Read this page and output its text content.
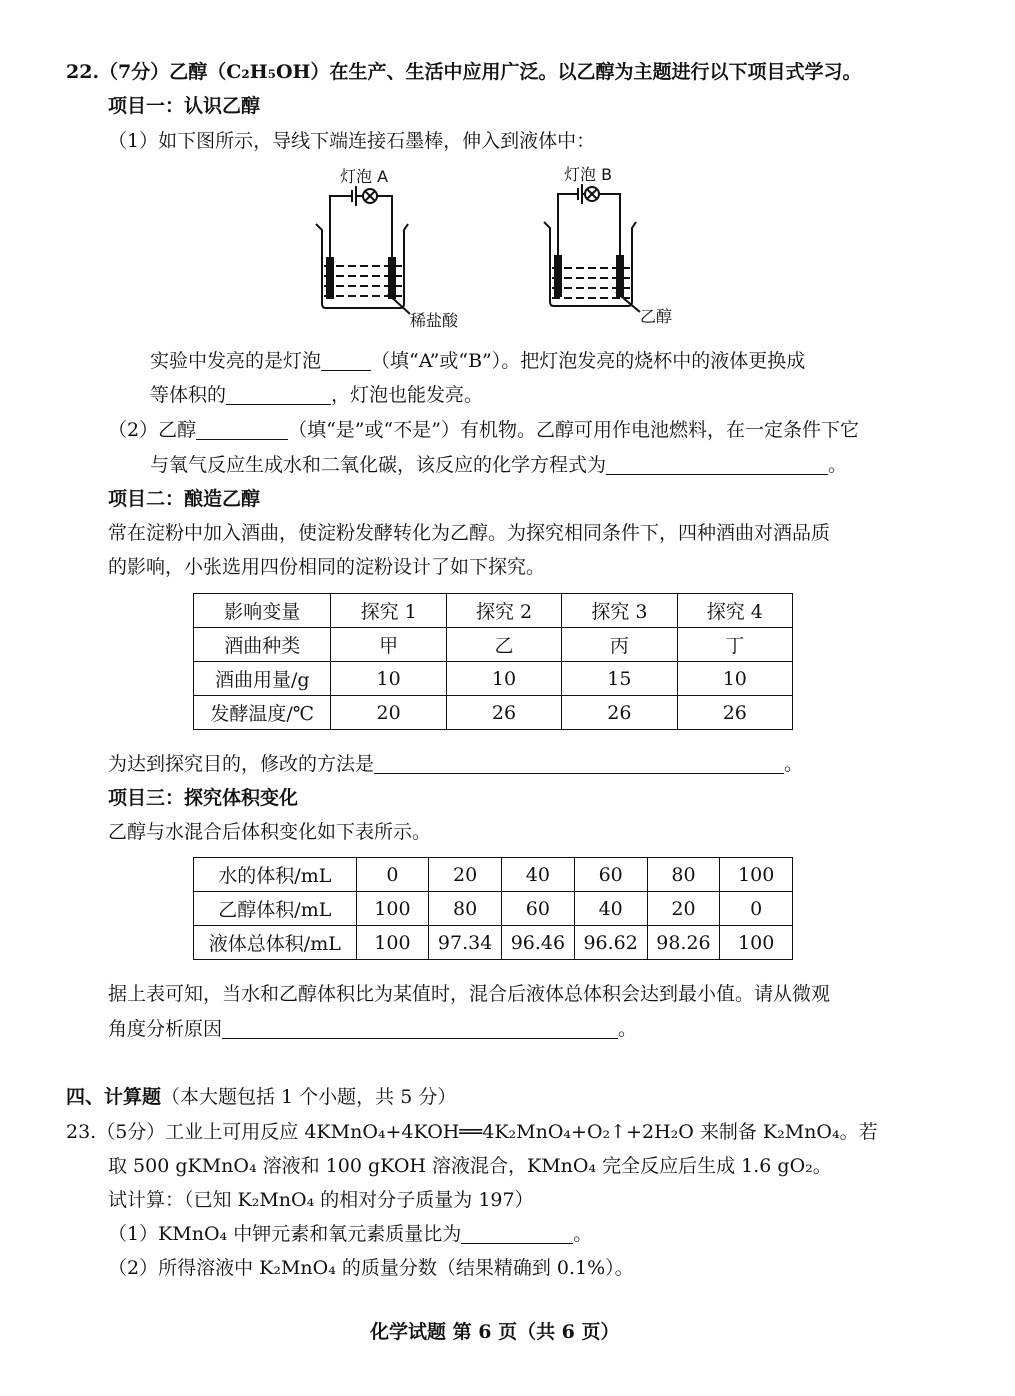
22.（7分）乙醇（C₂H₅OH）在生产、生活中应用广泛。以乙醇为主题进行以下项目式学习。
项目一：认识乙醇
（1）如下图所示，导线下端连接石墨棒，伸入到液体中：
灯泡 A	灯泡 B
稀盐酸	乙醇
实验中发亮的是灯泡	（填“A”或“B”）。把灯泡发亮的烧杯中的液体更换成
等体积的	，灯泡也能发亮。
（2）乙醇	（填“是”或“不是”）有机物。乙醇可用作电池燃料，在一定条件下它
与氧气反应生成水和二氧化碳，该反应的化学方程式为	。
项目二：酿造乙醇
常在淀粉中加入酒曲，使淀粉发酵转化为乙醇。为探究相同条件下，四种酒曲对酒品质
的影响，小张选用四份相同的淀粉设计了如下探究。
影响变量	探究 1	探究 2	探究 3	探究 4
酒曲种类	甲	乙	丙	丁
酒曲用量/g	10	10	15	10
发酵温度/℃	20	26	26	26
为达到探究目的，修改的方法是	。
项目三：探究体积变化
乙醇与水混合后体积变化如下表所示。
水的体积/mL	0	20	40	60	80	100
乙醇体积/mL	100	80	60	40	20	0
液体总体积/mL	100	97.34	96.46	96.62	98.26	100
据上表可知，当水和乙醇体积比为某值时，混合后液体总体积会达到最小值。请从微观
角度分析原因	。
四、计算题（本大题包括 1 个小题，共 5 分）
23.（5分）工业上可用反应 4KMnO₄+4KOH══4K₂MnO₄+O₂↑+2H₂O 来制备 K₂MnO₄。若
取 500 gKMnO₄ 溶液和 100 gKOH 溶液混合，KMnO₄ 完全反应后生成 1.6 gO₂。
试计算：（已知 K₂MnO₄ 的相对分子质量为 197）
（1）KMnO₄ 中钾元素和氧元素质量比为	。
（2）所得溶液中 K₂MnO₄ 的质量分数（结果精确到 0.1%）。
化学试题 第 6 页（共 6 页）
